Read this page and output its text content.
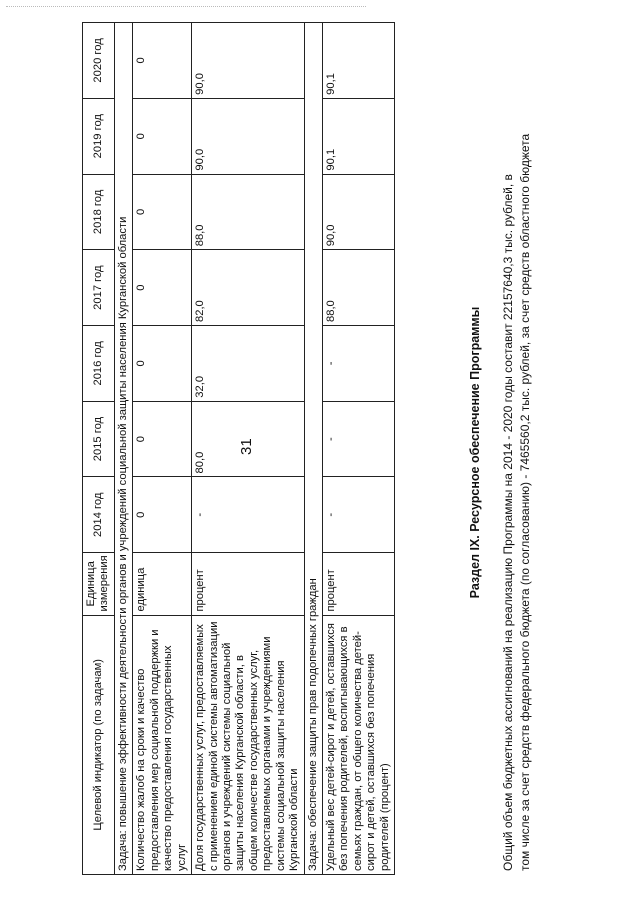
31
Целевой индикатор (по задачам)	Единица измерения	2014 год	2015 год	2016 год	2017 год	2018 год	2019 год	2020 год
Задача: повышение эффективности деятельности органов и учреждений социальной защиты населения Курганской области								
Количество жалоб на сроки и качество предоставления мер социальной поддержки и качество предоставления государственных услуг	единица	0	0	0	0	0	0	0
Доля государственных услуг, предоставляемых с применением единой системы автоматизации органов и учреждений системы социальной защиты населения Курганской области, в общем количестве государственных услуг, предоставляемых органами и учреждениями системы социальной защиты населения Курганской области	процент	-	80,0	32,0	82,0	88,0	90,0	90,0
Задача: обеспечение защиты прав подопечных граждан								
Удельный вес детей-сирот и детей, оставшихся без попечения родителей, воспитывающихся в семьях граждан, от общего количества детей-сирот и детей, оставшихся без попечения родителей (процент)	процент	-	-	-	88,0	90,0	90,1	90,1
Раздел IX. Ресурсное обеспечение Программы Общий объем бюджетных ассигнований на реализацию Программы на 2014 - 2020 годы составит 22157640,3 тыс. рублей, в том числе за счет средств федерального бюджета (по согласованию) - 7465560,2 тыс. рублей, за счет средств областного бюджета
